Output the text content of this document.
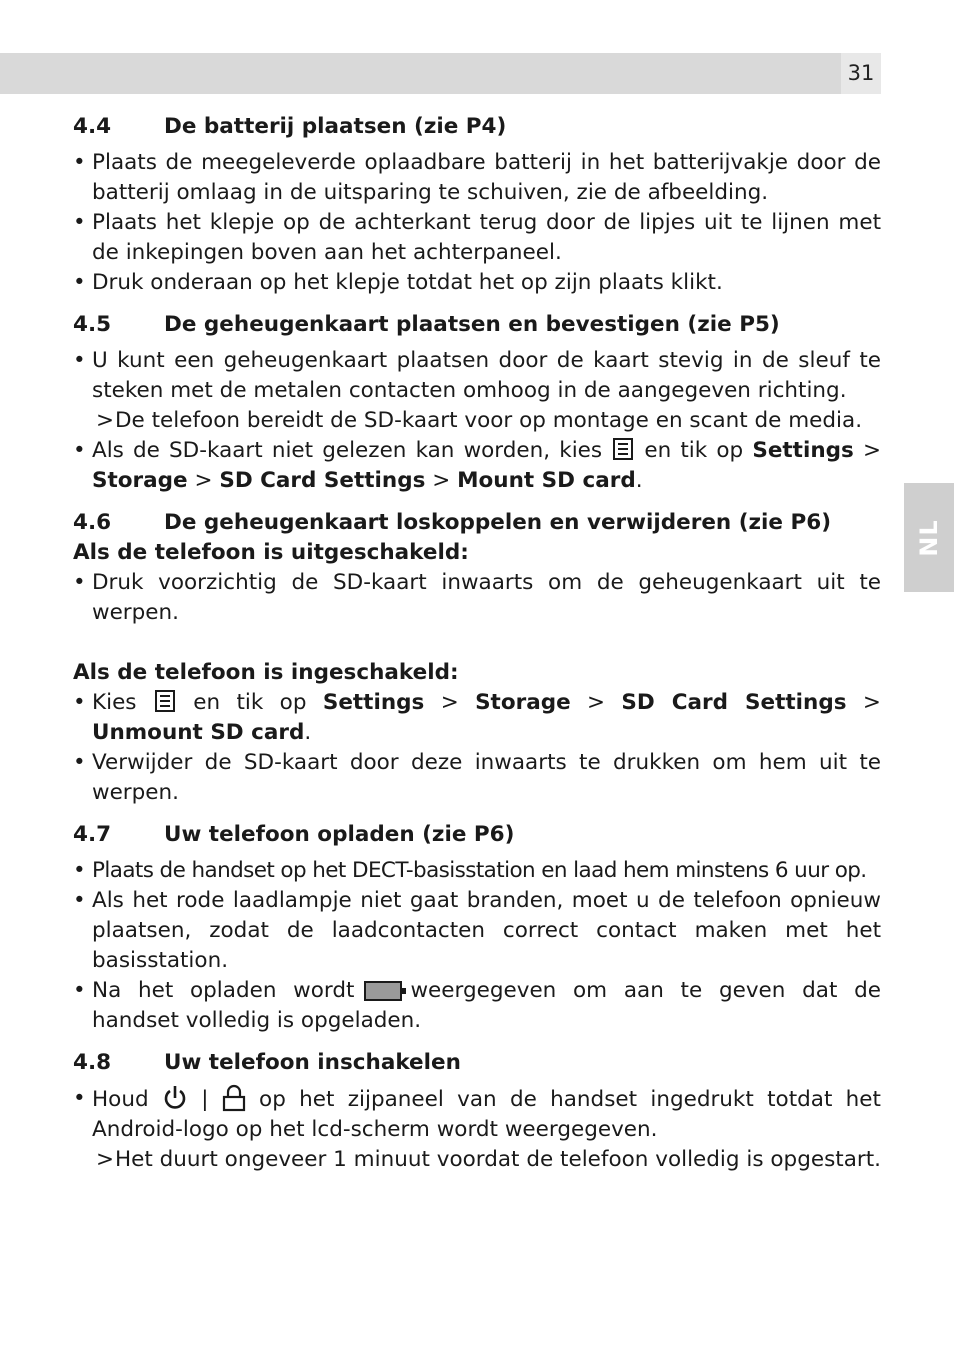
31
NL
4.4	De batterij plaatsen (zie P4)
• Plaats de meegeleverde oplaadbare batterij in het batterijvakje door de batterij omlaag in de uitsparing te schuiven, zie de afbeelding.
• Plaats het klepje op de achterkant terug door de lipjes uit te lijnen met de inkepingen boven aan het achterpaneel.
• Druk onderaan op het klepje totdat het op zijn plaats klikt.
4.5	De geheugenkaart plaatsen en bevestigen (zie P5)
• U kunt een geheugenkaart plaatsen door de kaart stevig in de sleuf te steken met de metalen contacten omhoog in de aangegeven richting.
> De telefoon bereidt de SD-kaart voor op montage en scant de media.
• Als de SD-kaart niet gelezen kan worden, kies en tik op Settings > Storage > SD Card Settings > Mount SD card.
4.6	De geheugenkaart loskoppelen en verwijderen (zie P6)

Als de telefoon is uitgeschakeld:

• Druk voorzichtig de SD-kaart inwaarts om de geheugenkaart uit te werpen.

Als de telefoon is ingeschakeld:

• Kies	en tik op Settings > Storage > SD Card Settings > Unmount SD card.
• Verwijder de SD-kaart door deze inwaarts te drukken om hem uit te werpen.
4.7	Uw telefoon opladen (zie P6)
• Plaats de handset op het DECT-basisstation en laad hem minstens 6 uur op.
• Als het rode laadlampje niet gaat branden, moet u de telefoon opnieuw plaatsen, zodat de laadcontacten correct contact maken met het basisstation.
• Na het opladen wordt	weergegeven om aan te geven dat de handset volledig is opgeladen.
4.8	Uw telefoon inschakelen
• Houd | op het zijpaneel van de handset ingedrukt totdat het Android-logo op het lcd-scherm wordt weergegeven.
> Het duurt ongeveer 1 minuut voordat de telefoon volledig is opgestart.
